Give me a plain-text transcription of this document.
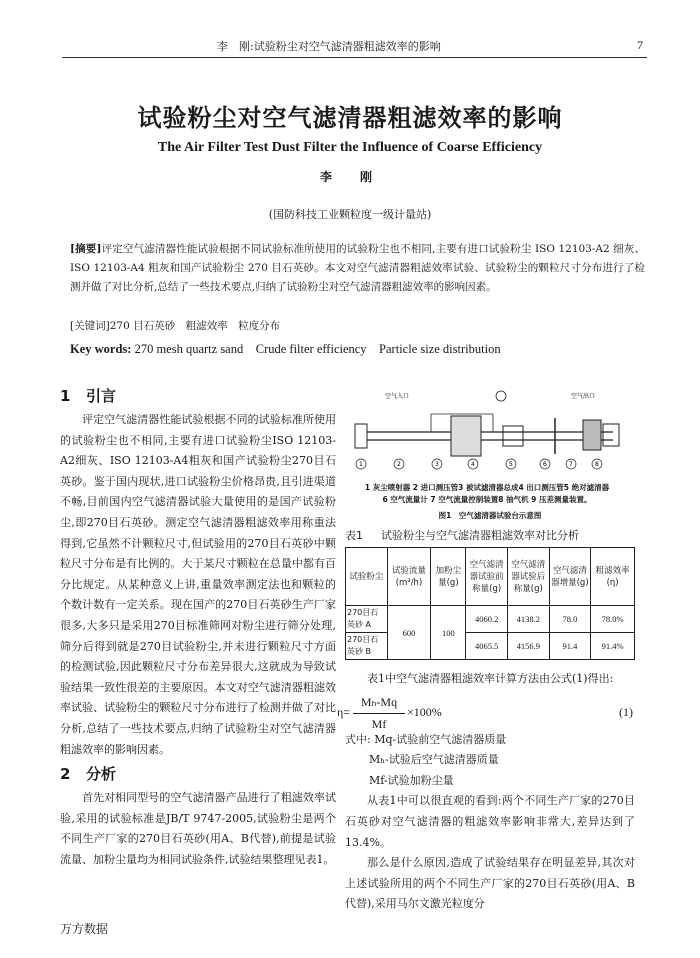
李　刚:试验粉尘对空气滤清器粗滤效率的影响	7
试验粉尘对空气滤清器粗滤效率的影响
The Air Filter Test Dust Filter the Influence of Coarse Efficiency
李　刚
(国防科技工业颗粒度一级计量站)
[摘要]评定空气滤清器性能试验根据不同试验标准所使用的试验粉尘也不相同,主要有进口试验粉尘 ISO 12103-A2 细灰、ISO 12103-A4 粗灰和国产试验粉尘 270 目石英砂。本文对空气滤清器粗滤效率试验、试验粉尘的颗粒尺寸分布进行了检测并做了对比分析,总结了一些技术要点,归纳了试验粉尘对空气滤清器粗滤效率的影响因素。
[关键词]270 目石英砂　粗滤效率　粒度分布
Key words: 270 mesh quartz sand　Crude filter efficiency　Particle size distribution
1 引言

评定空气滤清器性能试验根据不同的试验标准所使用的试验粉尘也不相同,主要有进口试验粉尘ISO 12103-A2细灰、ISO 12103-A4粗灰和国产试验粉尘270目石英砂。鉴于国内现状,进口试验粉尘价格昂贵,且引进渠道不畅,目前国内空气滤清器试验大量使用的是国产试验粉尘,即270目石英砂。测定空气滤清器粗滤效率用称重法得到,它虽然不计颗粒尺寸,但试验用的270目石英砂中颗粒尺寸分布是有比例的。大于某尺寸颗粒在总量中都有百分比规定。从某种意义上讲,重量效率测定法也和颗粒的个数计数有一定关系。现在国产的270目石英砂生产厂家很多,大多只是采用270目标准筛网对粉尘进行筛分处理,筛分后得到就是270目试验粉尘,并未进行颗粒尺寸方面的检测试验,因此颗粒尺寸分布差异很大,这就成为导致试验结果一致性很差的主要原因。本文对空气滤清器粗滤效率试验、试验粉尘的颗粒尺寸分布进行了检测并做了对比分析,总结了一些技术要点,归纳了试验粉尘对空气滤清器粗滤效率的影响因素。

2 分析

首先对相同型号的空气滤清器产品进行了粗滤效率试验,采用的试验标准是JB/T 9747-2005,试验粉尘是两个不同生产厂家的270目石英砂(用A、B代替),前提是试验流量、加粉尘量均为相同试验条件,试验结果整理见表1。

空气入口	空气出口
1	2	3	4	5	6	7	8
1 灰尘喷射器 2 进口测压管3 被试滤清器总成4 出口测压管5 绝对滤清器
6 空气流量计 7 空气流量控制装置8 抽气机 9 压差测量装置。
图1　空气滤清器试验台示意图
表1 试验粉尘与空气滤清器粗滤效率对比分析
试验粉尘	试验流量(m³/h)	加粉尘量(g)	空气滤清器试验前称量(g)	空气滤清器试验后称量(g)	空气滤清器增量(g)	粗滤效率(η)
270目石英砂 A	600	100	4060.2	4138.2	78.0	78.0%
270目石英砂 B			4065.5	4156.9	91.4	91.4%

表1中空气滤清器粗滤效率计算方法由公式(1)得出:

$\eta= \frac{\text{Mₕ-Mq}}{Mf} \times 100\%$	(1)
式中: Mq-试验前空气滤清器质量
Mₕ-试验后空气滤清器质量
Mf-试验加粉尘量

从表1中可以很直观的看到:两个不同生产厂家的270目石英砂对空气滤清器的粗滤效率影响非常大,差异达到了13.4%。

那么是什么原因,造成了试验结果存在明显差异,其次对上述试验所用的两个不同生产厂家的270目石英砂(用A、B代替),采用马尔文激光粒度分

万方数据
